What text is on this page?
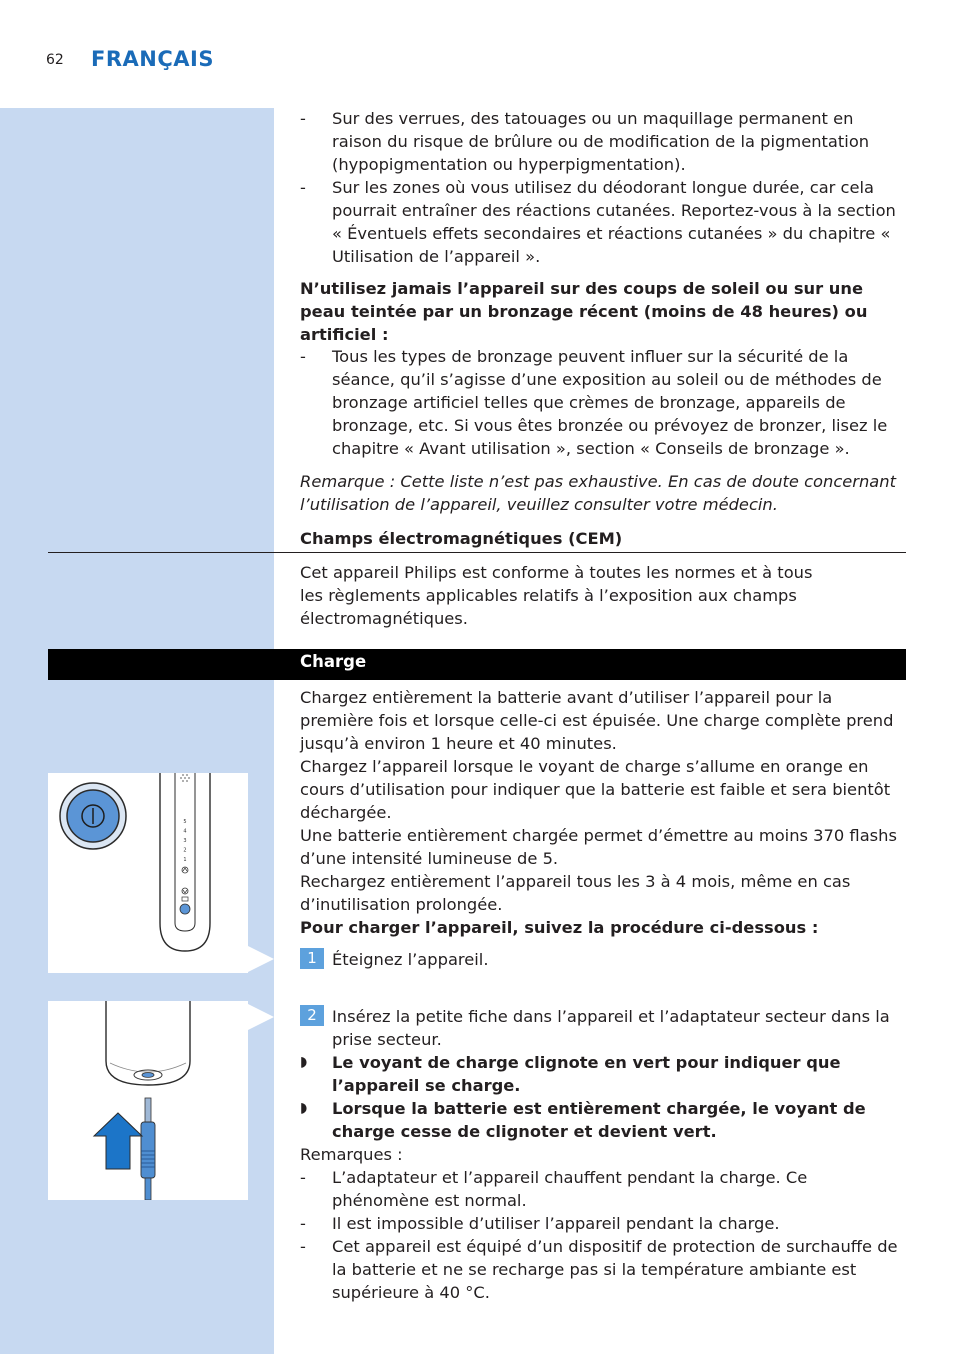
62 FRANÇAIS
- Sur des verrues, des tatouages ou un maquillage permanent en raison du risque de brûlure ou de modification de la pigmentation (hypopigmentation ou hyperpigmentation).
- Sur les zones où vous utilisez du déodorant longue durée, car cela pourrait entraîner des réactions cutanées. Reportez-vous à la section « Éventuels effets secondaires et réactions cutanées » du chapitre « Utilisation de l’appareil ».
N’utilisez jamais l’appareil sur des coups de soleil ou sur une peau teintée par un bronzage récent (moins de 48 heures) ou artificiel :
- Tous les types de bronzage peuvent influer sur la sécurité de la séance, qu’il s’agisse d’une exposition au soleil ou de méthodes de bronzage artificiel telles que crèmes de bronzage, appareils de bronzage, etc. Si vous êtes bronzée ou prévoyez de bronzer, lisez le chapitre « Avant utilisation », section « Conseils de bronzage ».
Remarque : Cette liste n’est pas exhaustive. En cas de doute concernant l’utilisation de l’appareil, veuillez consulter votre médecin.
Champs électromagnétiques (CEM)
Cet appareil Philips est conforme à toutes les normes et à tous les règlements applicables relatifs à l’exposition aux champs électromagnétiques.
Charge
Chargez entièrement la batterie avant d’utiliser l’appareil pour la première fois et lorsque celle-ci est épuisée. Une charge complète prend jusqu’à environ 1 heure et 40 minutes.
Chargez l’appareil lorsque le voyant de charge s’allume en orange en cours d’utilisation pour indiquer que la batterie est faible et sera bientôt déchargée.
Une batterie entièrement chargée permet d’émettre au moins 370 flashs d’une intensité lumineuse de 5.
Rechargez entièrement l’appareil tous les 3 à 4 mois, même en cas d’inutilisation prolongée.
Pour charger l’appareil, suivez la procédure ci-dessous :
1 Éteignez l’appareil.
2 Insérez la petite fiche dans l’appareil et l’adaptateur secteur dans la prise secteur.
◗ Le voyant de charge clignote en vert pour indiquer que l’appareil se charge.
◗ Lorsque la batterie est entièrement chargée, le voyant de charge cesse de clignoter et devient vert.
Remarques :
- L’adaptateur et l’appareil chauffent pendant la charge. Ce phénomène est normal.
- Il est impossible d’utiliser l’appareil pendant la charge.
- Cet appareil est équipé d’un dispositif de protection de surchauffe de la batterie et ne se recharge pas si la température ambiante est supérieure à 40 °C.
5
4
3
2
1
